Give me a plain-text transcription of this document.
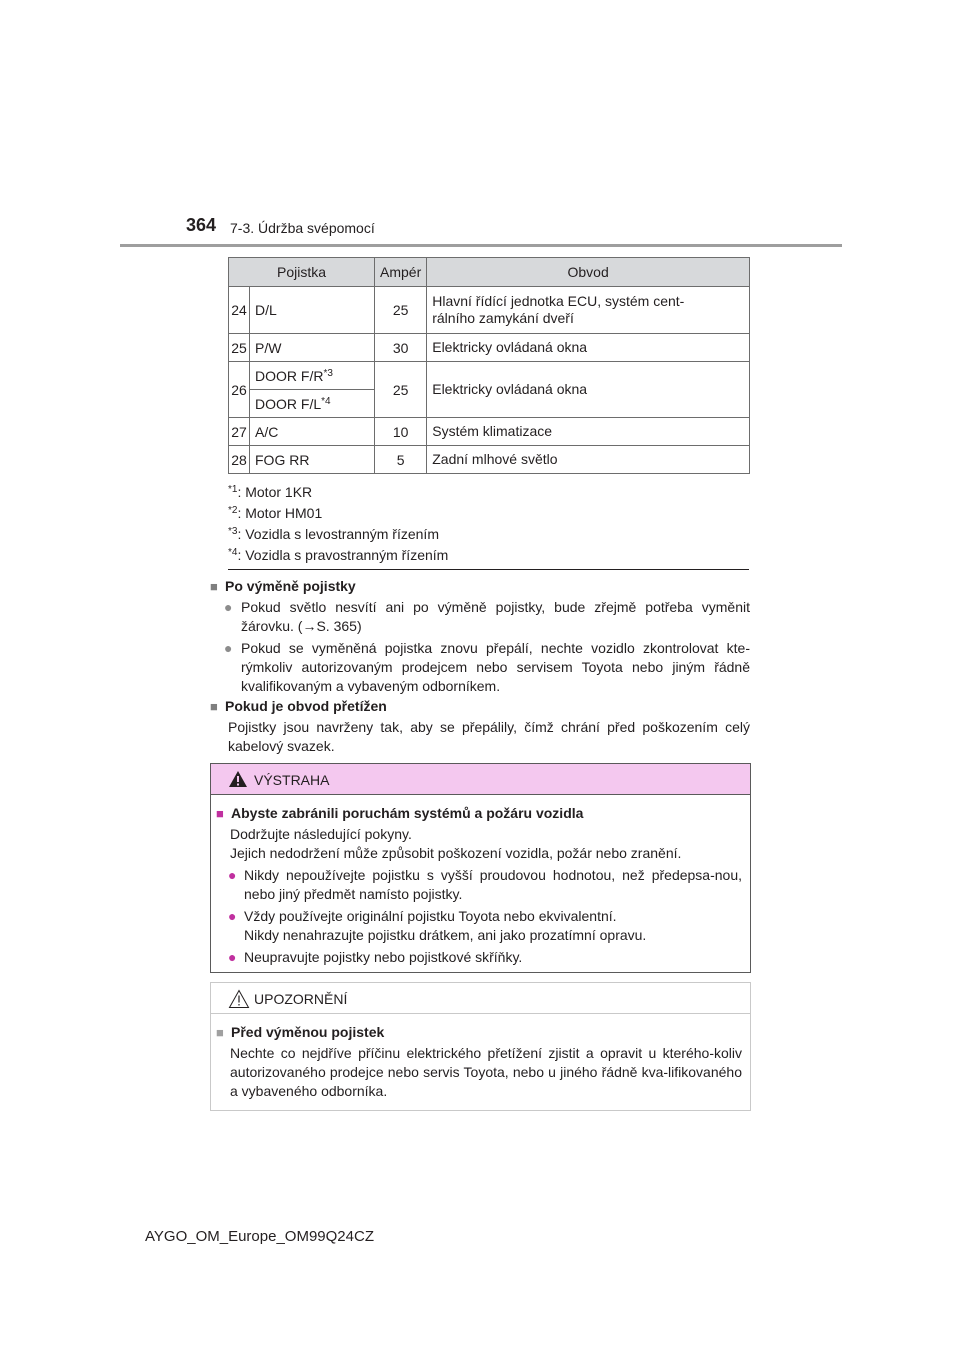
364 7-3. Údržba svépomocí
Pojistka		Ampér	Obvod
24	D/L	25	Hlavní řídící jednotka ECU, systém cent-
rálního zamykání dveří
25	P/W	30	Elektricky ovládaná okna
26	DOOR $F/R^{*3}$	25	Elektricky ovládaná okna
	DOOR $F/L^{*4}$
27	A/C	10	Systém klimatizace
28	FOG RR	5	Zadní mlhové světlo
$^{*1}$: Motor 1KR
$^{*2}$: Motor HM01
$^{*3}$: Vozidla s levostranným řízením
$^{*4}$: Vozidla s pravostranným řízením
■ Po výměně pojistky
● Pokud světlo nesvítí ani po výměně pojistky, bude zřejmě potřeba vyměnit žárovku. (→S. 365)
● Pokud se vyměněná pojistka znovu přepálí, nechte vozidlo zkontrolovat kte-rýmkoliv autorizovaným prodejcem nebo servisem Toyota nebo jiným řádně kvalifikovaným a vybaveným odborníkem.
■ Pokud je obvod přetížen
Pojistky jsou navrženy tak, aby se přepálily, čímž chrání před poškozením celý kabelový svazek.
VÝSTRAHA
■ Abyste zabránili poruchám systémů a požáru vozidla
Dodržujte následující pokyny.
Jejich nedodržení může způsobit poškození vozidla, požár nebo zranění.
● Nikdy nepoužívejte pojistku s vyšší proudovou hodnotou, než předepsa-nou, nebo jiný předmět namísto pojistky.
● Vždy používejte originální pojistku Toyota nebo ekvivalentní.
Nikdy nenahrazujte pojistku drátkem, ani jako prozatímní opravu.
● Neupravujte pojistky nebo pojistkové skříňky.
UPOZORNĚNÍ
■ Před výměnou pojistek
Nechte co nejdříve příčinu elektrického přetížení zjistit a opravit u kterého-koliv autorizovaného prodejce nebo servis Toyota, nebo u jiného řádně kva-lifikovaného a vybaveného odborníka.
AYGO_OM_Europe_OM99Q24CZ
